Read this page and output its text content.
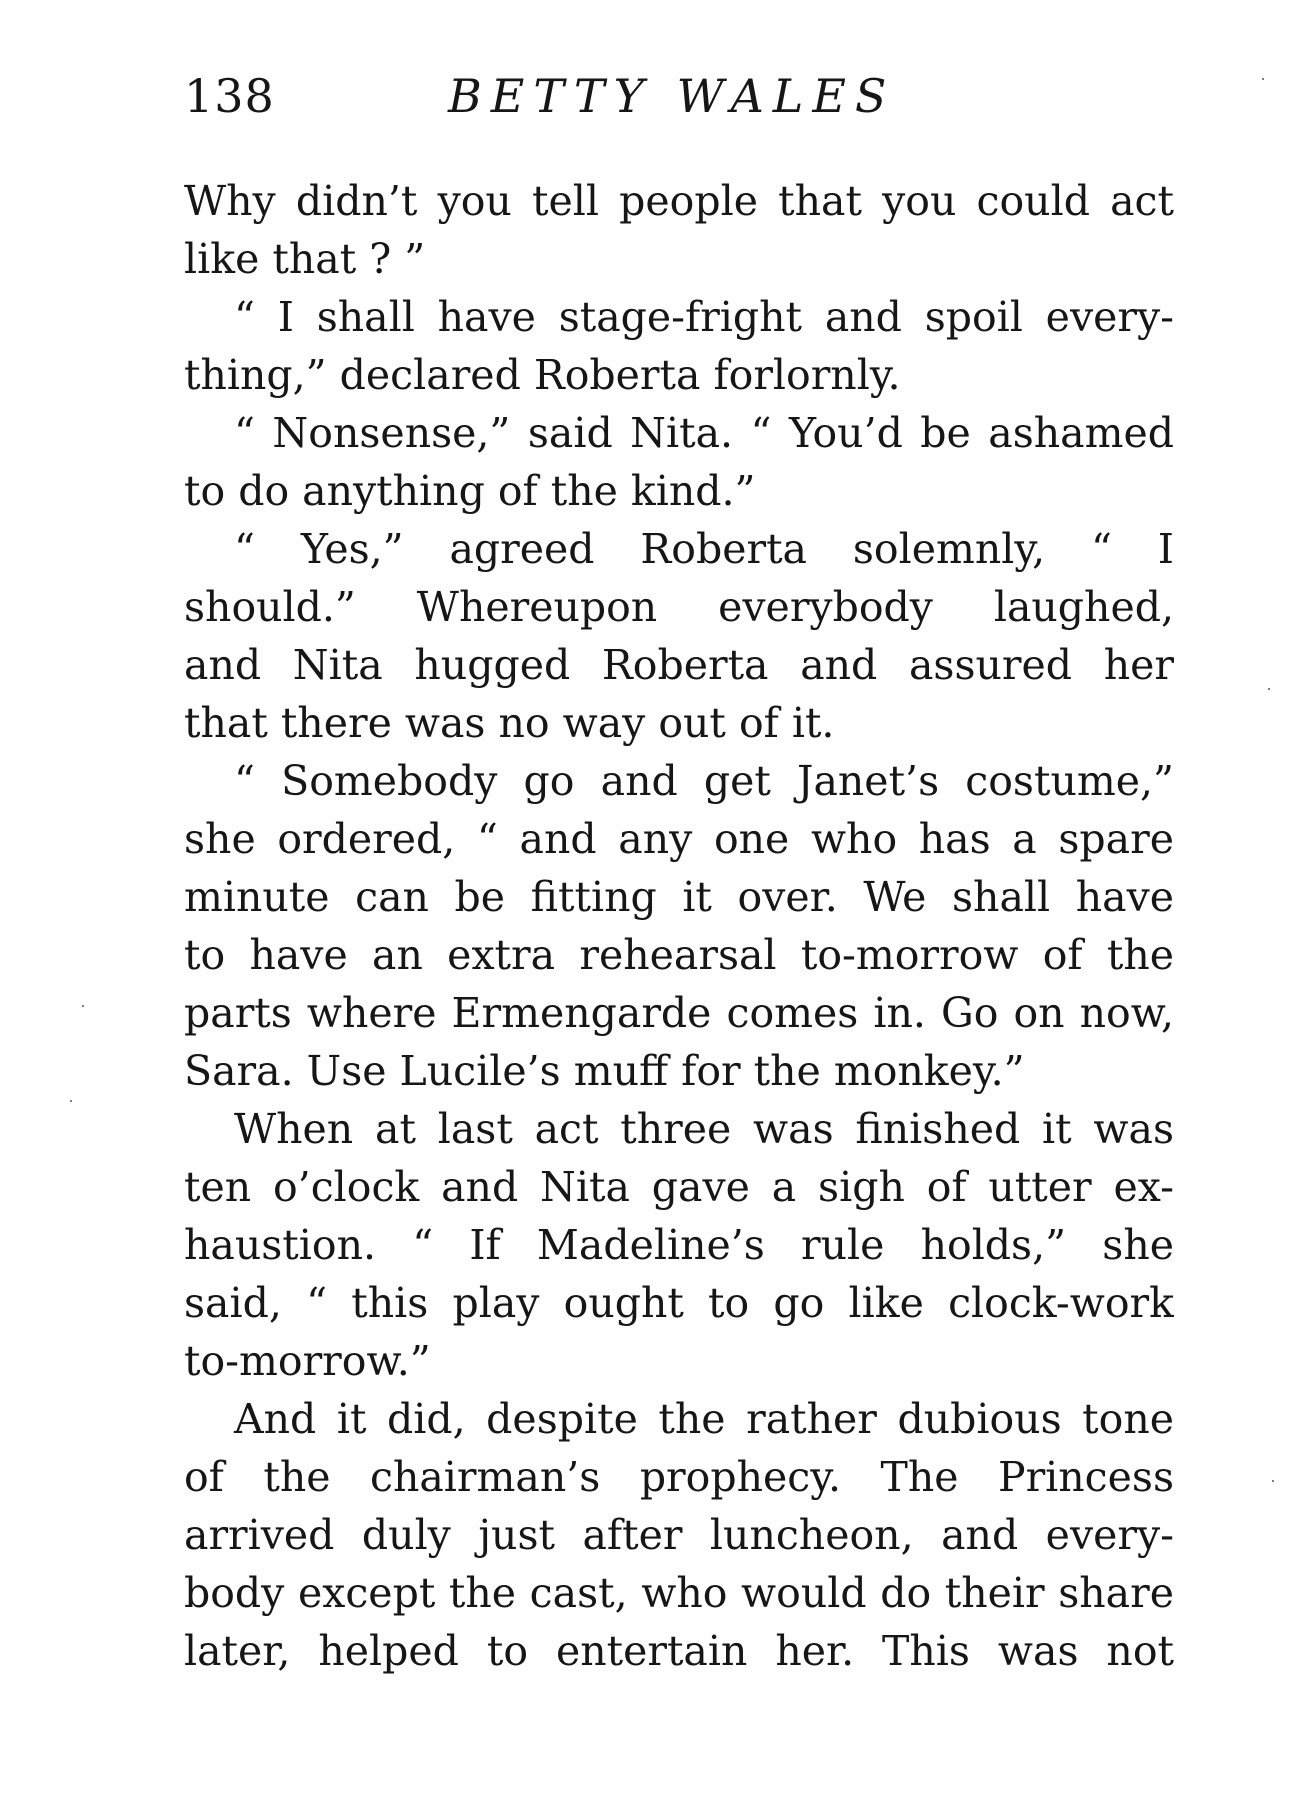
138	BETTY WALES
Why didn’t you tell people that you could act
like that ? ”
“ I shall have stage-fright and spoil every-
thing,” declared Roberta forlornly.
“ Nonsense,” said Nita. “ You’d be ashamed
to do anything of the kind.”
“ Yes,” agreed Roberta solemnly, “ I
should.” Whereupon everybody laughed,
and Nita hugged Roberta and assured her
that there was no way out of it.
“ Somebody go and get Janet’s costume,”
she ordered, “ and any one who has a spare
minute can be fitting it over. We shall have
to have an extra rehearsal to-morrow of the
parts where Ermengarde comes in. Go on now,
Sara. Use Lucile’s muff for the monkey.”
When at last act three was finished it was
ten o’clock and Nita gave a sigh of utter ex-
haustion. “ If Madeline’s rule holds,” she
said, “ this play ought to go like clock-work
to-morrow.”
And it did, despite the rather dubious tone
of the chairman’s prophecy. The Princess
arrived duly just after luncheon, and every-
body except the cast, who would do their share
later, helped to entertain her. This was not
